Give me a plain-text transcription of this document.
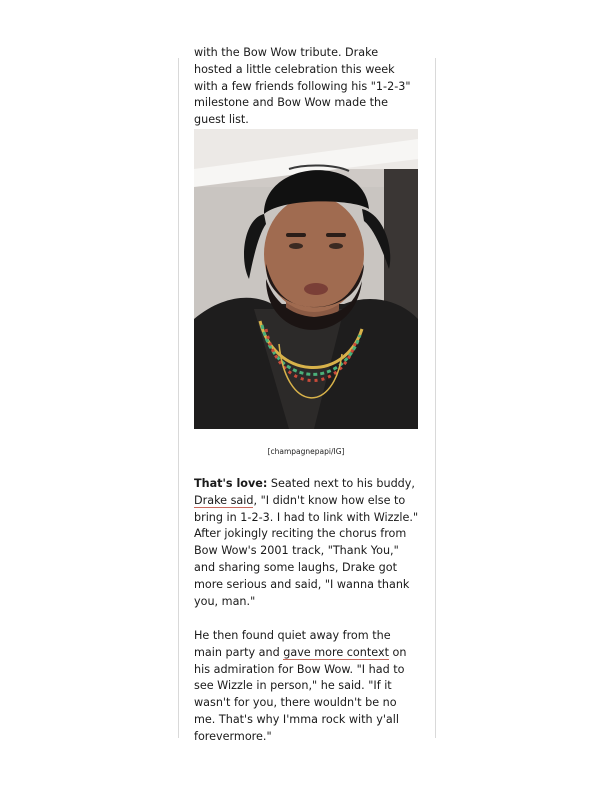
with the Bow Wow tribute. Drake hosted a little celebration this week with a few friends following his "1-2-3" milestone and Bow Wow made the guest list.

[champagnepapi/IG]

That's love: Seated next to his buddy, Drake said, "I didn't know how else to bring in 1-2-3. I had to link with Wizzle." After jokingly reciting the chorus from Bow Wow's 2001 track, "Thank You," and sharing some laughs, Drake got more serious and said, "I wanna thank you, man."

He then found quiet away from the main party and gave more context on his admiration for Bow Wow. "I had to see Wizzle in person," he said. "If it wasn't for you, there wouldn't be no me. That's why I'mma rock with y'all forevermore."
